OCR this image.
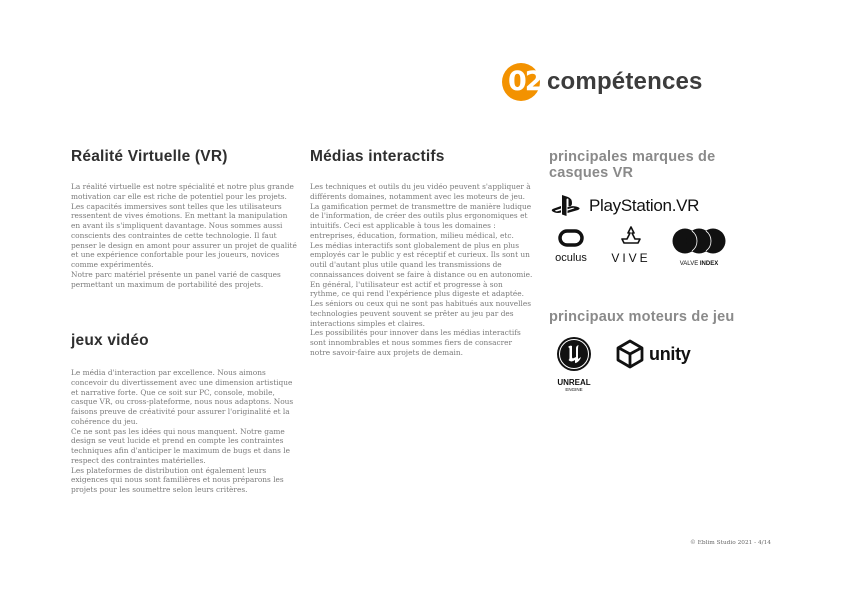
02 compétences
Réalité Virtuelle (VR)

La réalité virtuelle est notre spécialité et notre plus grande motivation car elle est riche de potentiel pour les projets. Les capacités immersives sont telles que les utilisateurs ressentent de vives émotions. En mettant la manipulation en avant ils s'impliquent davantage. Nous sommes aussi conscients des contraintes de cette technologie. Il faut penser le design en amont pour assurer un projet de qualité et une expérience confortable pour les joueurs, novices comme expérimentés.

Notre parc matériel présente un panel varié de casques permettant un maximum de portabilité des projets.

jeux vidéo

Le média d'interaction par excellence. Nous aimons concevoir du divertissement avec une dimension artistique et narrative forte. Que ce soit sur PC, console, mobile, casque VR, ou cross-plateforme, nous nous adaptons. Nous faisons preuve de créativité pour assurer l'originalité et la cohérence du jeu.

Ce ne sont pas les idées qui nous manquent. Notre game design se veut lucide et prend en compte les contraintes techniques afin d'anticiper le maximum de bugs et dans le respect des contraintes matérielles.

Les plateformes de distribution ont également leurs exigences qui nous sont familières et nous préparons les projets pour les soumettre selon leurs critères.

Médias interactifs

Les techniques et outils du jeu vidéo peuvent s'appliquer à différents domaines, notamment avec les moteurs de jeu. La gamification permet de transmettre de manière ludique de l'information, de créer des outils plus ergonomiques et intuitifs. Ceci est applicable à tous les domaines : entreprises, éducation, formation, milieu médical, etc.

Les médias interactifs sont globalement de plus en plus employés car le public y est réceptif et curieux. Ils sont un outil d'autant plus utile quand les transmissions de connaissances doivent se faire à distance ou en autonomie.

En général, l'utilisateur est actif et progresse à son rythme, ce qui rend l'expérience plus digeste et adaptée. Les séniors ou ceux qui ne sont pas habitués aux nouvelles technologies peuvent souvent se prêter au jeu par des interactions simples et claires.

Les possibilités pour innover dans les médias interactifs sont innombrables et nous sommes fiers de consacrer notre savoir-faire aux projets de demain.

principales marques de casques VR
PlayStation.VR
oculus	VIVE	VALVE INDEX
principaux moteurs de jeu
UNREAL
ENGINE
unity
© Eblim Studio 2021 - 4/14
